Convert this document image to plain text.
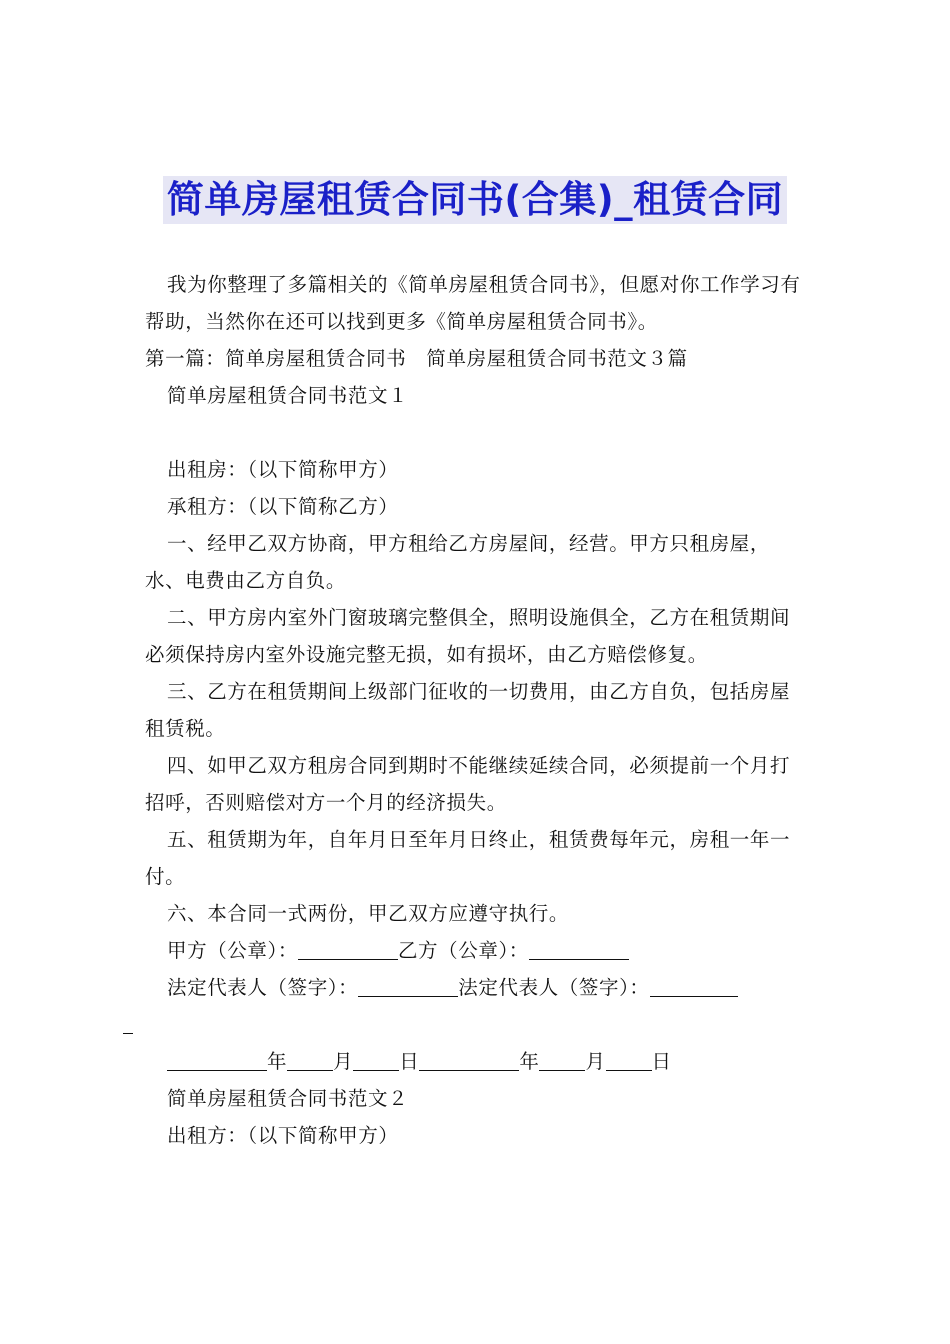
简单房屋租赁合同书(合集)_租赁合同

我为你整理了多篇相关的《简单房屋租赁合同书》，但愿对你工作学习有帮助，当然你在还可以找到更多《简单房屋租赁合同书》。

第一篇：简单房屋租赁合同书　简单房屋租赁合同书范文３篇

简单房屋租赁合同书范文１

出租房：（以下简称甲方）

承租方：（以下简称乙方）

一、经甲乙双方协商，甲方租给乙方房屋间，经营。甲方只租房屋，水、电费由乙方自负。

二、甲方房内室外门窗玻璃完整俱全，照明设施俱全，乙方在租赁期间必须保持房内室外设施完整无损，如有损坏，由乙方赔偿修复。

三、乙方在租赁期间上级部门征收的一切费用，由乙方自负，包括房屋租赁税。

四、如甲乙双方租房合同到期时不能继续延续合同，必须提前一个月打招呼，否则赔偿对方一个月的经济损失。

五、租赁期为年，自年月日至年月日终止，租赁费每年元，房租一年一付。

六、本合同一式两份，甲乙双方应遵守执行。

甲方（公章）：	乙方（公章）：

法定代表人（签字）：	法定代表人（签字）：

年 月 日	年 月 日

简单房屋租赁合同书范文２

出租方：（以下简称甲方）
